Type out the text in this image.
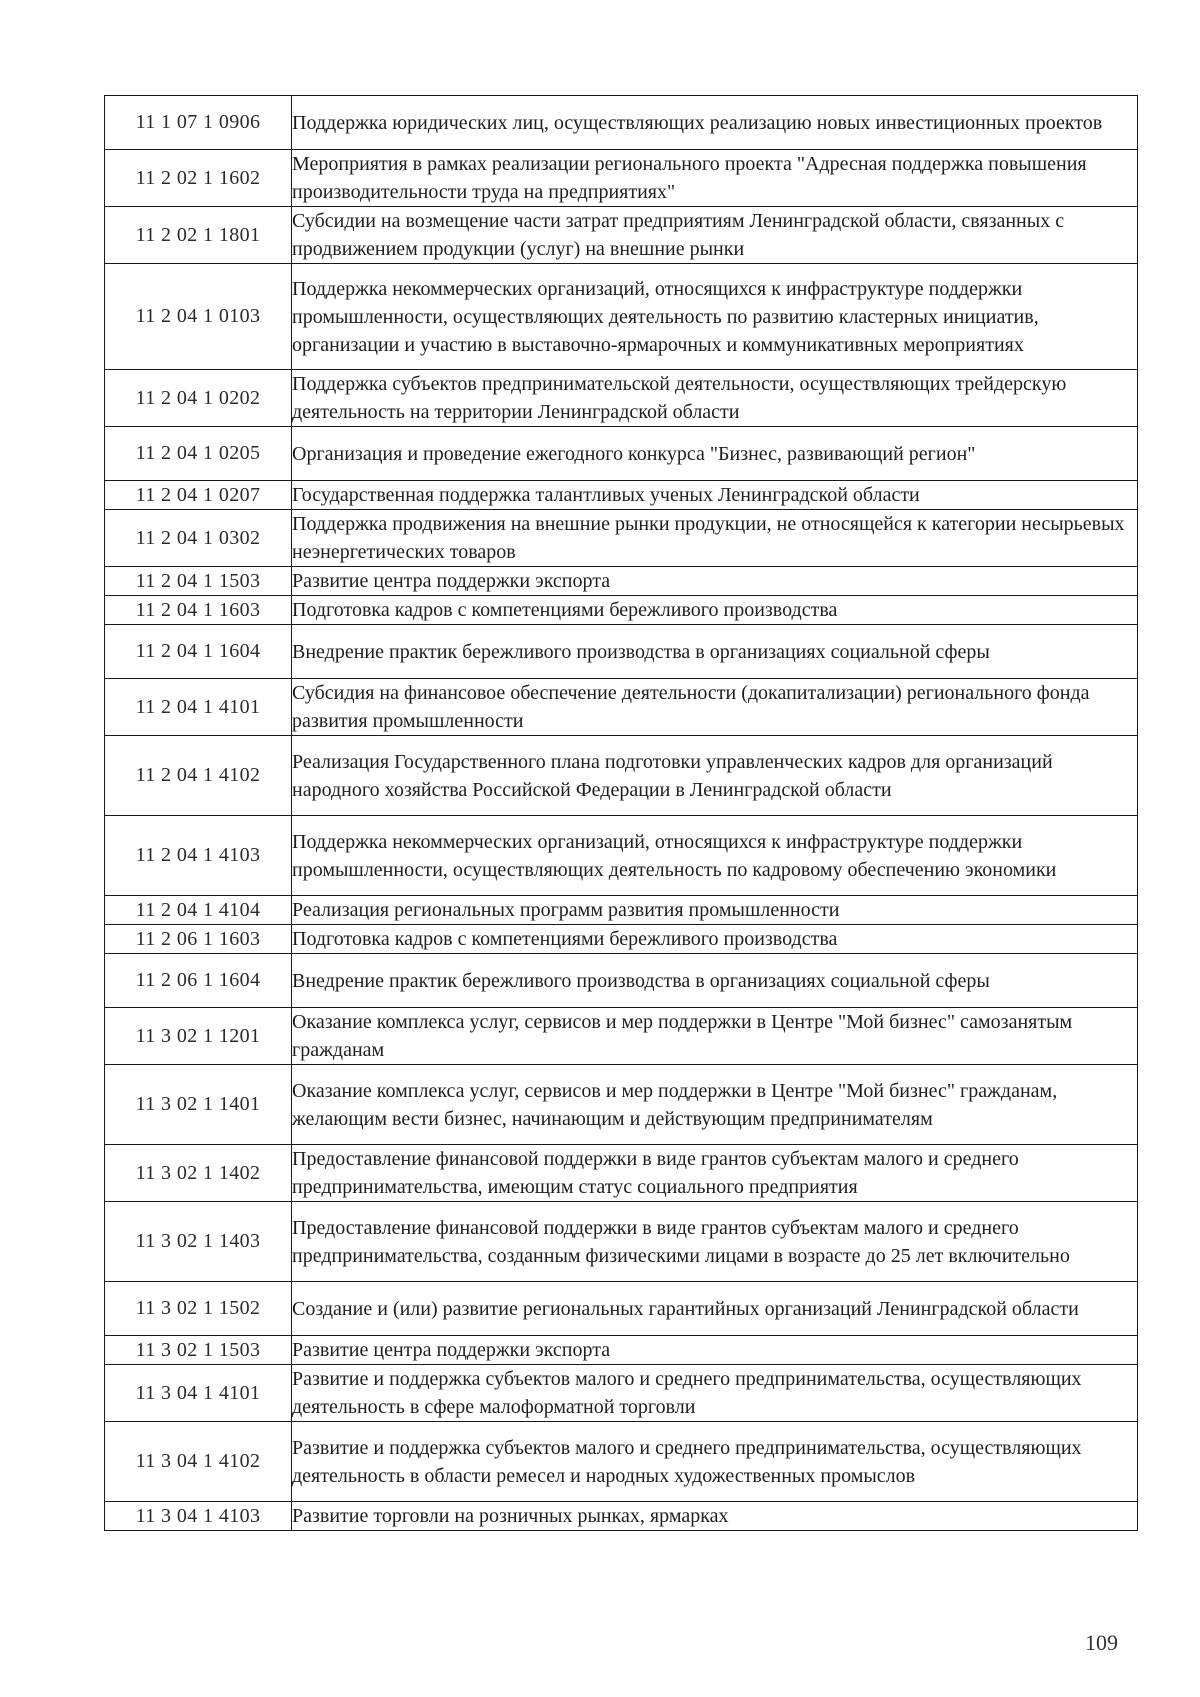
11 1 07 1 0906	Поддержка юридических лиц, осуществляющих реализацию новых инвестиционных проектов
11 2 02 1 1602	Мероприятия в рамках реализации регионального проекта "Адресная поддержка повышения производительности труда на предприятиях"
11 2 02 1 1801	Субсидии на возмещение части затрат предприятиям Ленинградской области, связанных с продвижением продукции (услуг) на внешние рынки
11 2 04 1 0103	Поддержка некоммерческих организаций, относящихся к инфраструктуре поддержки промышленности, осуществляющих деятельность по развитию кластерных инициатив, организации и участию в выставочно-ярмарочных и коммуникативных мероприятиях
11 2 04 1 0202	Поддержка субъектов предпринимательской деятельности, осуществляющих трейдерскую деятельность на территории Ленинградской области
11 2 04 1 0205	Организация и проведение ежегодного конкурса "Бизнес, развивающий регион"
11 2 04 1 0207	Государственная поддержка талантливых ученых Ленинградской области
11 2 04 1 0302	Поддержка продвижения на внешние рынки продукции, не относящейся к категории несырьевых неэнергетических товаров
11 2 04 1 1503	Развитие центра поддержки экспорта
11 2 04 1 1603	Подготовка кадров с компетенциями бережливого производства
11 2 04 1 1604	Внедрение практик бережливого производства в организациях социальной сферы
11 2 04 1 4101	Субсидия на финансовое обеспечение деятельности (докапитализации) регионального фонда развития промышленности
11 2 04 1 4102	Реализация Государственного плана подготовки управленческих кадров для организаций народного хозяйства Российской Федерации в Ленинградской области
11 2 04 1 4103	Поддержка некоммерческих организаций, относящихся к инфраструктуре поддержки промышленности, осуществляющих деятельность по кадровому обеспечению экономики
11 2 04 1 4104	Реализация региональных программ развития промышленности
11 2 06 1 1603	Подготовка кадров с компетенциями бережливого производства
11 2 06 1 1604	Внедрение практик бережливого производства в организациях социальной сферы
11 3 02 1 1201	Оказание комплекса услуг, сервисов и мер поддержки в Центре "Мой бизнес" самозанятым гражданам
11 3 02 1 1401	Оказание комплекса услуг, сервисов и мер поддержки в Центре "Мой бизнес" гражданам, желающим вести бизнес, начинающим и действующим предпринимателям
11 3 02 1 1402	Предоставление финансовой поддержки в виде грантов субъектам малого и среднего предпринимательства, имеющим статус социального предприятия
11 3 02 1 1403	Предоставление финансовой поддержки в виде грантов субъектам малого и среднего предпринимательства, созданным физическими лицами в возрасте до 25 лет включительно
11 3 02 1 1502	Создание и (или) развитие региональных гарантийных организаций Ленинградской области
11 3 02 1 1503	Развитие центра поддержки экспорта
11 3 04 1 4101	Развитие и поддержка субъектов малого и среднего предпринимательства, осуществляющих деятельность в сфере малоформатной торговли
11 3 04 1 4102	Развитие и поддержка субъектов малого и среднего предпринимательства, осуществляющих деятельность в области ремесел и народных художественных промыслов
11 3 04 1 4103	Развитие торговли на розничных рынках, ярмарках
109
